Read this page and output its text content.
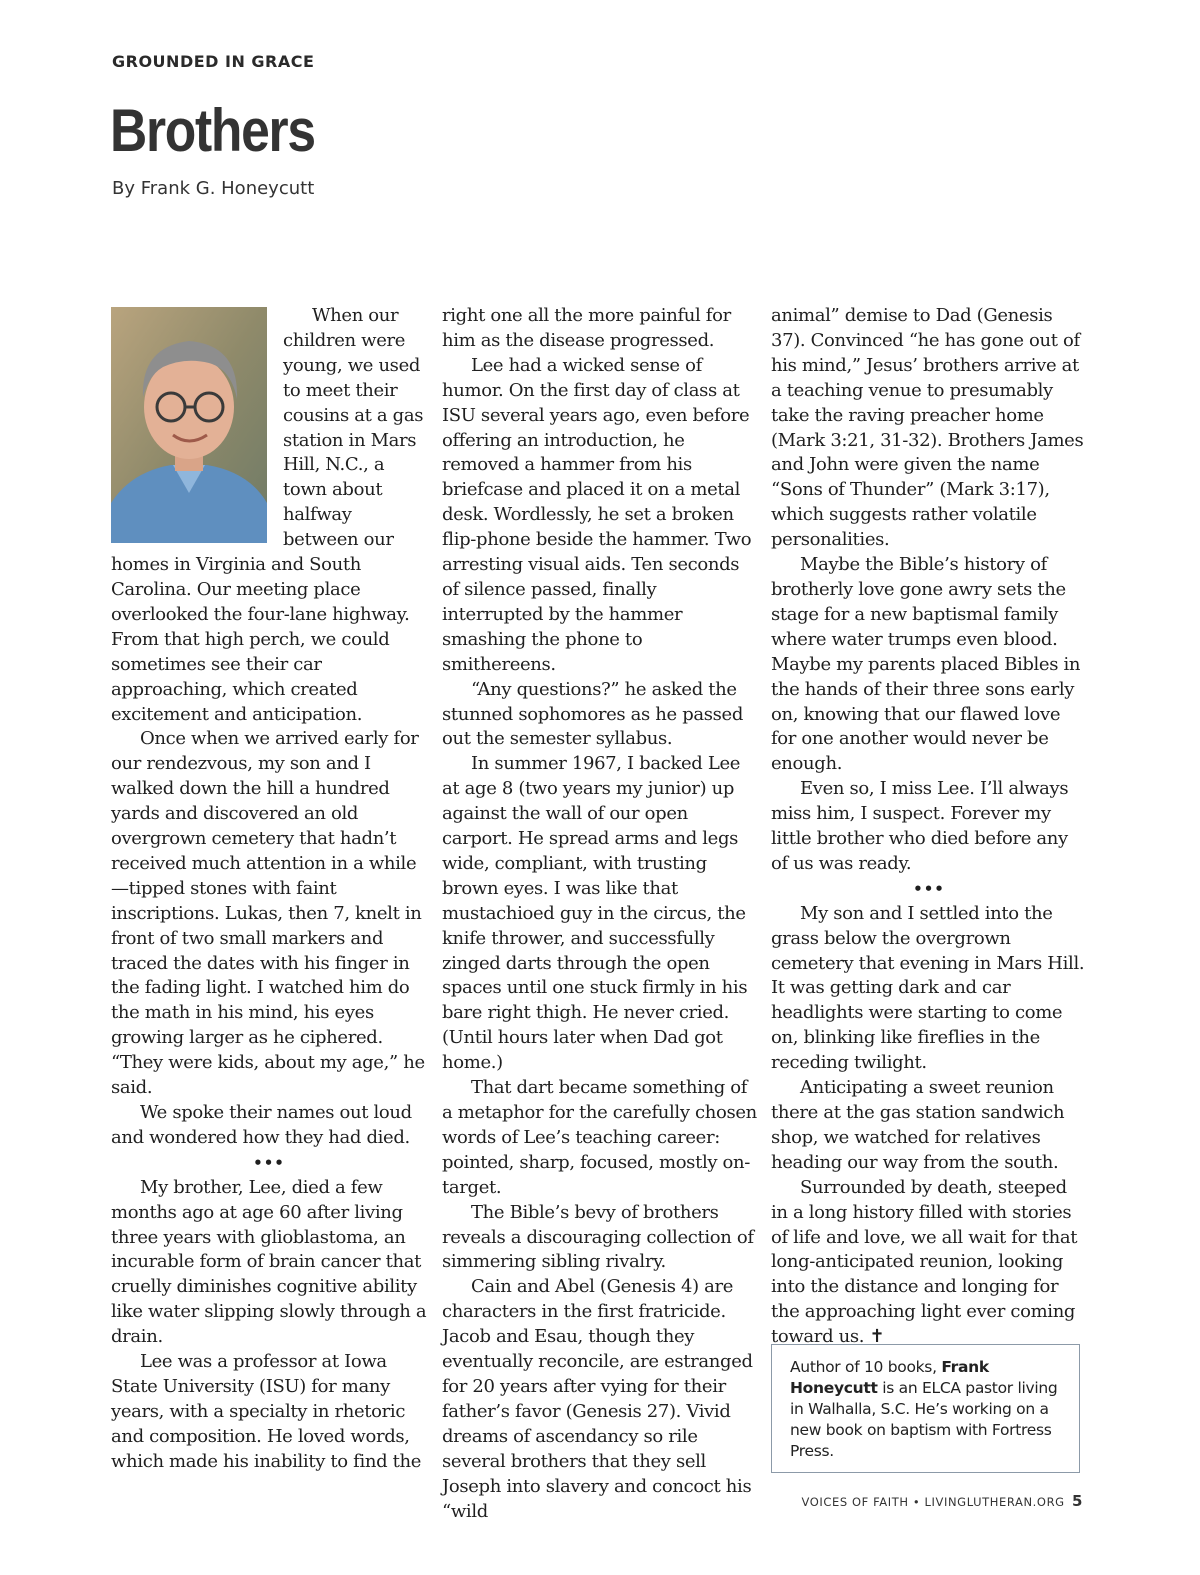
GROUNDED IN GRACE
Brothers
By Frank G. Honeycutt

When our children were young, we used to meet their cousins at a gas station in Mars Hill, N.C., a town about halfway between our homes in Virginia and South Carolina. Our meeting place overlooked the four-lane highway. From that high perch, we could sometimes see their car approaching, which created excitement and anticipation.

Once when we arrived early for our rendezvous, my son and I walked down the hill a hundred yards and discovered an old overgrown cemetery that hadn’t received much attention in a while—tipped stones with faint inscriptions. Lukas, then 7, knelt in front of two small markers and traced the dates with his finger in the fading light. I watched him do the math in his mind, his eyes growing larger as he ciphered. “They were kids, about my age,” he said.

We spoke their names out loud and wondered how they had died.

•••

My brother, Lee, died a few months ago at age 60 after living three years with glioblastoma, an incurable form of brain cancer that cruelly diminishes cognitive ability like water slipping slowly through a drain.

Lee was a professor at Iowa State University (ISU) for many years, with a specialty in rhetoric and composition. He loved words, which made his inability to find the

right one all the more painful for him as the disease progressed.

Lee had a wicked sense of humor. On the first day of class at ISU several years ago, even before offering an introduction, he removed a hammer from his briefcase and placed it on a metal desk. Wordlessly, he set a broken flip-phone beside the hammer. Two arresting visual aids. Ten seconds of silence passed, finally interrupted by the hammer smashing the phone to smithereens.

“Any questions?” he asked the stunned sophomores as he passed out the semester syllabus.

In summer 1967, I backed Lee at age 8 (two years my junior) up against the wall of our open carport. He spread arms and legs wide, compliant, with trusting brown eyes. I was like that mustachioed guy in the circus, the knife thrower, and successfully zinged darts through the open spaces until one stuck firmly in his bare right thigh. He never cried. (Until hours later when Dad got home.)

That dart became something of a metaphor for the carefully chosen words of Lee’s teaching career: pointed, sharp, focused, mostly on-target.

The Bible’s bevy of brothers reveals a discouraging collection of simmering sibling rivalry.

Cain and Abel (Genesis 4) are characters in the first fratricide. Jacob and Esau, though they eventually reconcile, are estranged for 20 years after vying for their father’s favor (Genesis 27). Vivid dreams of ascendancy so rile several brothers that they sell Joseph into slavery and concoct his “wild

animal” demise to Dad (Genesis 37). Convinced “he has gone out of his mind,” Jesus’ brothers arrive at a teaching venue to presumably take the raving preacher home (Mark 3:21, 31-32). Brothers James and John were given the name “Sons of Thunder” (Mark 3:17), which suggests rather volatile personalities.

Maybe the Bible’s history of brotherly love gone awry sets the stage for a new baptismal family where water trumps even blood. Maybe my parents placed Bibles in the hands of their three sons early on, knowing that our flawed love for one another would never be enough.

Even so, I miss Lee. I’ll always miss him, I suspect. Forever my little brother who died before any of us was ready.

•••

My son and I settled into the grass below the overgrown cemetery that evening in Mars Hill. It was getting dark and car headlights were starting to come on, blinking like fireflies in the receding twilight.

Anticipating a sweet reunion there at the gas station sandwich shop, we watched for relatives heading our way from the south.

Surrounded by death, steeped in a long history filled with stories of life and love, we all wait for that long-anticipated reunion, looking into the distance and longing for the approaching light ever coming toward us. ✝

Author of 10 books, Frank Honeycutt is an ELCA pastor living in Walhalla, S.C. He’s working on a new book on baptism with Fortress Press.
VOICES OF FAITH • LIVINGLUTHERAN.ORG 5
